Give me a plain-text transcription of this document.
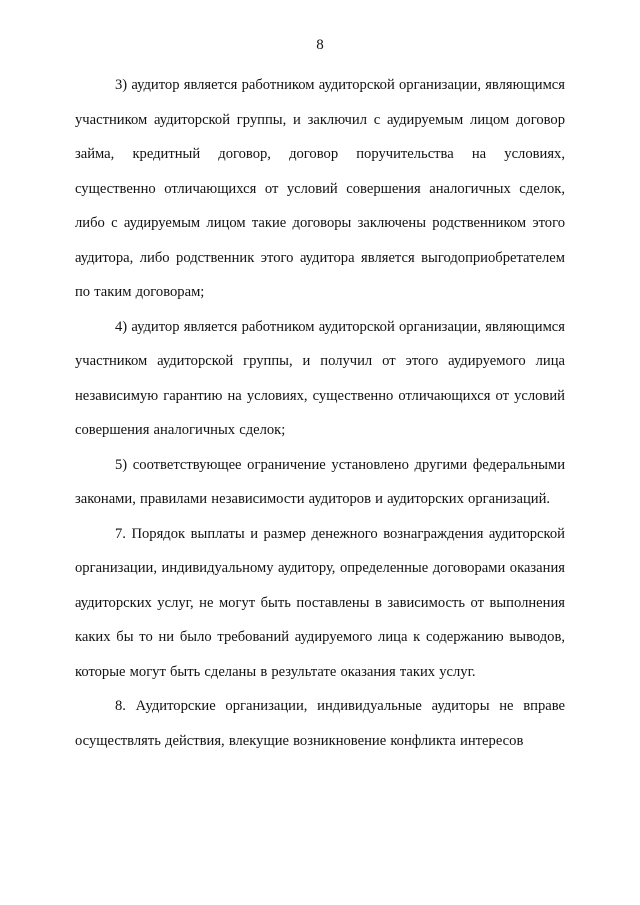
8

3) аудитор является работником аудиторской организации, являющимся участником аудиторской группы, и заключил с аудируемым лицом договор займа, кредитный договор, договор поручительства на условиях, существенно отличающихся от условий совершения аналогичных сделок, либо с аудируемым лицом такие договоры заключены родственником этого аудитора, либо родственник этого аудитора является выгодоприобретателем по таким договорам;

4) аудитор является работником аудиторской организации, являющимся участником аудиторской группы, и получил от этого аудируемого лица независимую гарантию на условиях, существенно отличающихся от условий совершения аналогичных сделок;

5) соответствующее ограничение установлено другими федеральными законами, правилами независимости аудиторов и аудиторских организаций.

7. Порядок выплаты и размер денежного вознаграждения аудиторской организации, индивидуальному аудитору, определенные договорами оказания аудиторских услуг, не могут быть поставлены в зависимость от выполнения каких бы то ни было требований аудируемого лица к содержанию выводов, которые могут быть сделаны в результате оказания таких услуг.

8. Аудиторские организации, индивидуальные аудиторы не вправе осуществлять действия, влекущие возникновение конфликта интересов
